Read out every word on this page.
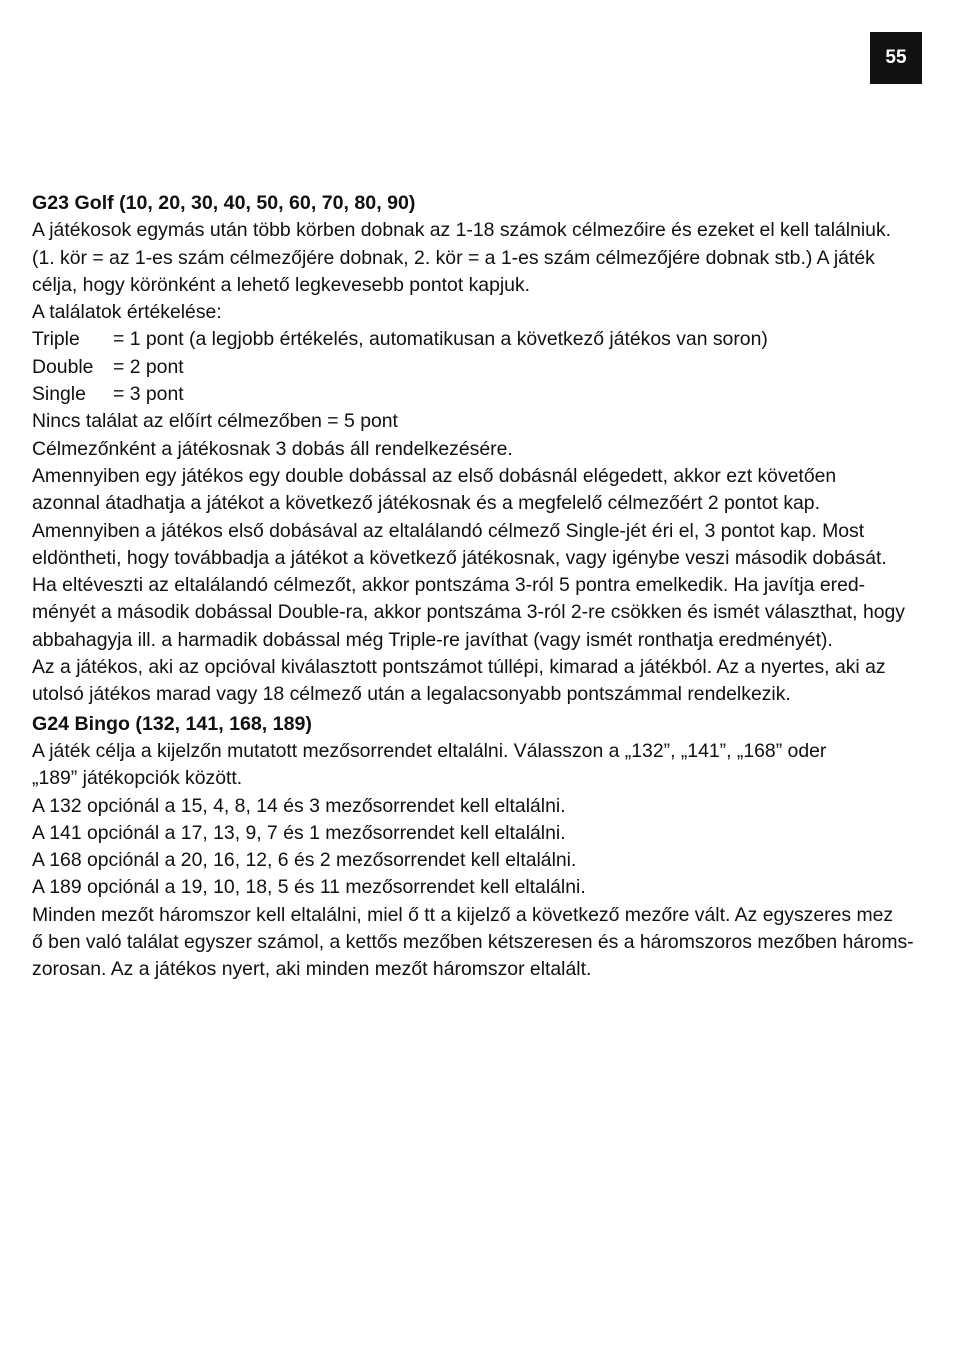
55
G23 Golf (10, 20, 30, 40, 50, 60, 70, 80, 90)
A játékosok egymás után több körben dobnak az 1-18 számok célmezőire és ezeket el kell találniuk.
(1. kör = az 1-es szám célmezőjére dobnak, 2. kör = a 1-es szám célmezőjére dobnak stb.) A játék
célja, hogy körönként a lehető legkevesebb pontot kapjuk.
A találatok értékelése:
Triple = 1 pont (a legjobb értékelés, automatikusan a következő játékos van soron)
Double = 2 pont
Single = 3 pont
Nincs találat az előírt célmezőben = 5 pont
Célmezőnként a játékosnak 3 dobás áll rendelkezésére.
Amennyiben egy játékos egy double dobással az első dobásnál elégedett, akkor ezt követően
azonnal átadhatja a játékot a következő játékosnak és a megfelelő célmezőért 2 pontot kap.
Amennyiben a játékos első dobásával az eltalálandó célmező Single-jét éri el, 3 pontot kap. Most
eldöntheti, hogy továbbadja a játékot a következő játékosnak, vagy igénybe veszi második dobását.
Ha eltéveszti az eltalálandó célmezőt, akkor pontszáma 3-ról 5 pontra emelkedik. Ha javítja ered-
ményét a második dobással Double-ra, akkor pontszáma 3-ról 2-re csökken és ismét választhat, hogy
abbahagyja ill. a harmadik dobással még Triple-re javíthat (vagy ismét ronthatja eredményét).
Az a játékos, aki az opcióval kiválasztott pontszámot túllépi, kimarad a játékból. Az a nyertes, aki az
utolsó játékos marad vagy 18 célmező után a legalacsonyabb pontszámmal rendelkezik.
G24 Bingo (132, 141, 168, 189)
A játék célja a kijelzőn mutatott mezősorrendet eltalálni. Válasszon a „132”, „141”, „168” oder
„189” játékopciók között.
A 132 opciónál a 15, 4, 8, 14 és 3 mezősorrendet kell eltalálni.
A 141 opciónál a 17, 13, 9, 7 és 1 mezősorrendet kell eltalálni.
A 168 opciónál a 20, 16, 12, 6 és 2 mezősorrendet kell eltalálni.
A 189 opciónál a 19, 10, 18, 5 és 11 mezősorrendet kell eltalálni.
Minden mezőt háromszor kell eltalálni, miel ő tt a kijelző a következő mezőre vált. Az egyszeres mez
ő ben való találat egyszer számol, a kettős mezőben kétszeresen és a háromszoros mezőben hároms-
zorosan. Az a játékos nyert, aki minden mezőt háromszor eltalált.
